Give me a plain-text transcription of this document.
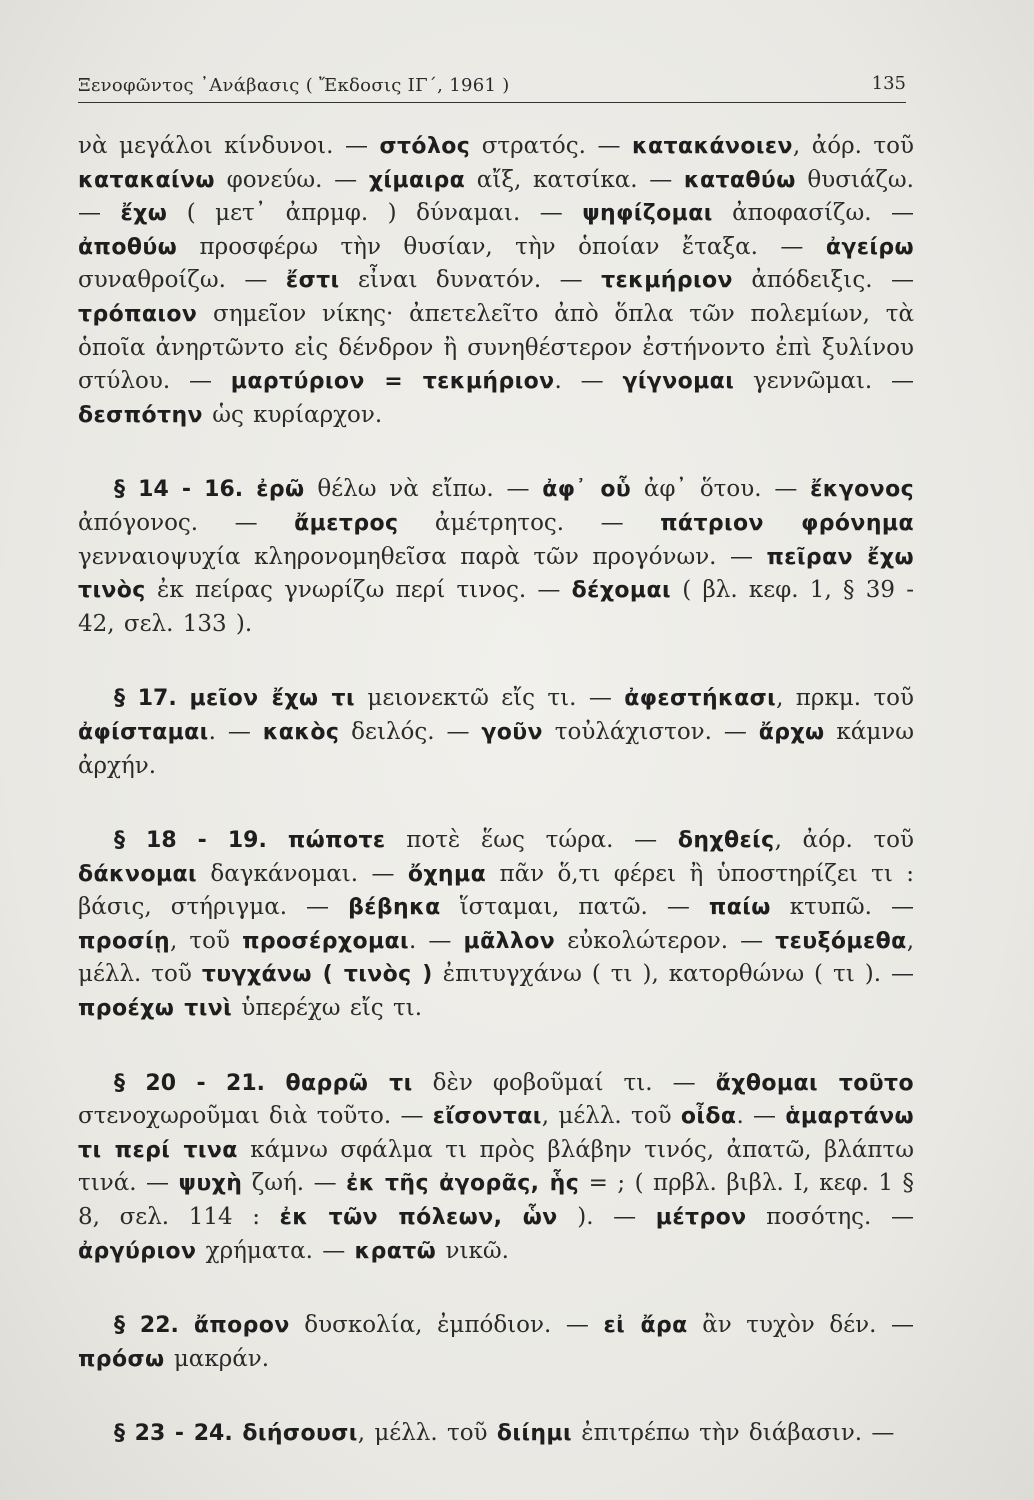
Ξενοφῶντος ᾿Ανάβασις ( Ἔκδοσις ΙΓ΄, 1961 )	135

νὰ μεγάλοι κίνδυνοι. — στόλος στρατός. — κατακάνοιεν, ἀόρ. τοῦ κατακαίνω φονεύω. — χίμαιρα αἴξ, κατσίκα. — καταθύω θυσιάζω. — ἔχω ( μετ᾿ ἀπρμφ. ) δύναμαι. — ψηφίζομαι ἀποφασίζω. — ἀποθύω προσφέρω τὴν θυσίαν, τὴν ὁποίαν ἔταξα. — ἀγείρω συναθροίζω. — ἔστι εἶναι δυνατόν. — τεκμήριον ἀπόδειξις. — τρόπαιον σημεῖον νίκης· ἀπετελεῖτο ἀπὸ ὅπλα τῶν πολεμίων, τὰ ὁποῖα ἀνηρτῶντο εἰς δένδρον ἢ συνηθέστερον ἐστήνοντο ἐπὶ ξυλίνου στύλου. — μαρτύριον = τεκμήριον. — γίγνομαι γεννῶμαι. — δεσπότην ὡς κυρίαρχον.

§ 14 - 16. ἐρῶ θέλω νὰ εἴπω. — ἀφ᾿ οὗ ἀφ᾿ ὅτου. — ἔκγονος ἀπόγονος. — ἄμετρος ἀμέτρητος. — πάτριον φρόνημα γενναιοψυχία κληρονομηθεῖσα παρὰ τῶν προγόνων. — πεῖραν ἔχω τινὸς ἐκ πείρας γνωρίζω περί τινος. — δέχομαι ( βλ. κεφ. 1, § 39 - 42, σελ. 133 ).

§ 17. μεῖον ἔχω τι μειονεκτῶ εἴς τι. — ἀφεστήκασι, πρκμ. τοῦ ἀφίσταμαι. — κακὸς δειλός. — γοῦν τοὐλάχιστον. — ἄρχω κάμνω ἀρχήν.

§ 18 - 19. πώποτε ποτὲ ἕως τώρα. — δηχθείς, ἀόρ. τοῦ δάκνομαι δαγκάνομαι. — ὄχημα πᾶν ὅ,τι φέρει ἢ ὑποστηρίζει τι : βάσις, στήριγμα. — βέβηκα ἵσταμαι, πατῶ. — παίω κτυπῶ. — προσίῃ, τοῦ προσέρχομαι. — μᾶλλον εὐκολώτερον. — τευξόμεθα, μέλλ. τοῦ τυγχάνω ( τινὸς ) ἐπιτυγχάνω ( τι ), κατορθώνω ( τι ). — προέχω τινὶ ὑπερέχω εἴς τι.

§ 20 - 21. θαρρῶ τι δὲν φοβοῦμαί τι. — ἄχθομαι τοῦτο στενοχωροῦμαι διὰ τοῦτο. — εἴσονται, μέλλ. τοῦ οἶδα. — ἁμαρτάνω τι περί τινα κάμνω σφάλμα τι πρὸς βλάβην τινός, ἀπατῶ, βλάπτω τινά. — ψυχὴ ζωή. — ἐκ τῆς ἀγορᾶς, ἧς = ; ( πρβλ. βιβλ. Ι, κεφ. 1 § 8, σελ. 114 : ἐκ τῶν πόλεων, ὧν ). — μέτρον ποσότης. — ἀργύριον χρήματα. — κρατῶ νικῶ.

§ 22. ἄπορον δυσκολία, ἐμπόδιον. — εἰ ἄρα ἂν τυχὸν δέν. — πρόσω μακράν.

§ 23 - 24. διήσουσι, μέλλ. τοῦ διίημι ἐπιτρέπω τὴν διάβασιν. —
